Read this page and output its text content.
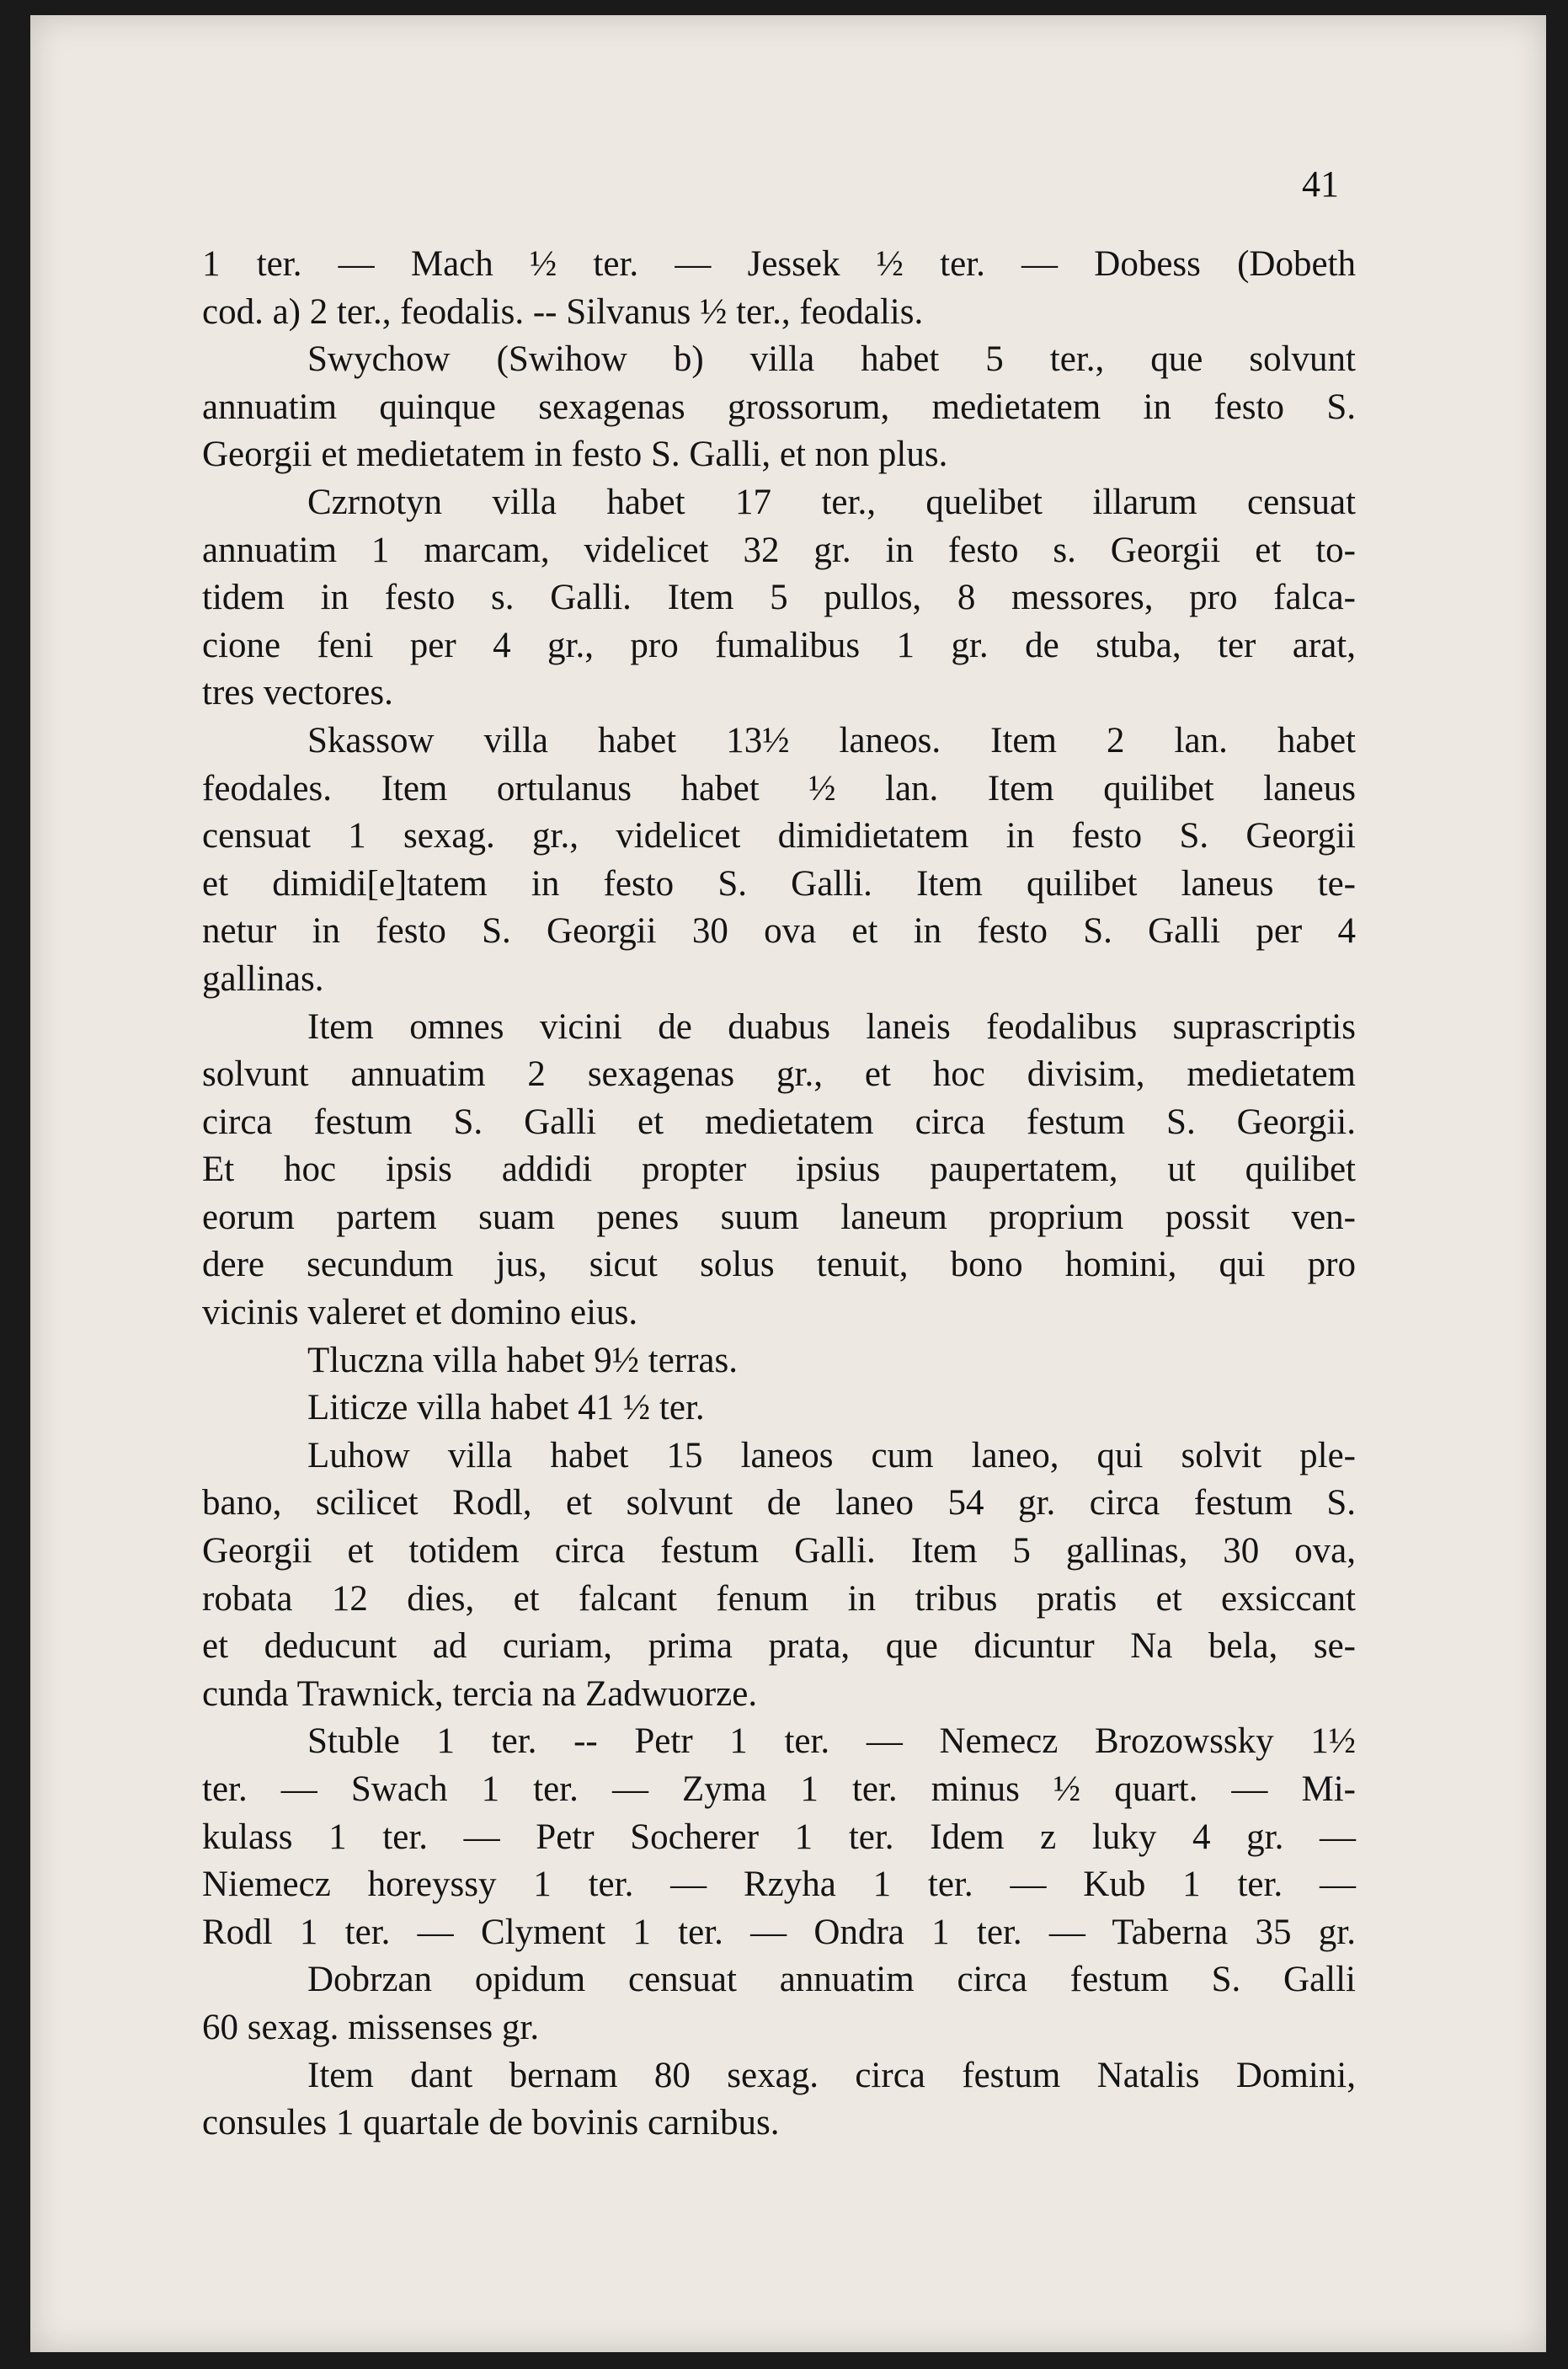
41
1 ter. — Mach ½ ter. — Jessek ½ ter. — Dobess (Dobeth
cod. a) 2 ter., feodalis. -- Silvanus ½ ter., feodalis.
Swychow (Swihow b) villa habet 5 ter., que solvunt
annuatim quinque sexagenas grossorum, medietatem in festo S.
Georgii et medietatem in festo S. Galli, et non plus.
Czrnotyn villa habet 17 ter., quelibet illarum censuat
annuatim 1 marcam, videlicet 32 gr. in festo s. Georgii et to-
tidem in festo s. Galli. Item 5 pullos, 8 messores, pro falca-
cione feni per 4 gr., pro fumalibus 1 gr. de stuba, ter arat,
tres vectores.
Skassow villa habet 13½ laneos. Item 2 lan. habet
feodales. Item ortulanus habet ½ lan. Item quilibet laneus
censuat 1 sexag. gr., videlicet dimidietatem in festo S. Georgii
et dimidi[e]tatem in festo S. Galli. Item quilibet laneus te-
netur in festo S. Georgii 30 ova et in festo S. Galli per 4
gallinas.
Item omnes vicini de duabus laneis feodalibus suprascriptis
solvunt annuatim 2 sexagenas gr., et hoc divisim, medietatem
circa festum S. Galli et medietatem circa festum S. Georgii.
Et hoc ipsis addidi propter ipsius paupertatem, ut quilibet
eorum partem suam penes suum laneum proprium possit ven-
dere secundum jus, sicut solus tenuit, bono homini, qui pro
vicinis valeret et domino eius.
Tluczna villa habet 9½ terras.
Liticze villa habet 41 ½ ter.
Luhow villa habet 15 laneos cum laneo, qui solvit ple-
bano, scilicet Rodl, et solvunt de laneo 54 gr. circa festum S.
Georgii et totidem circa festum Galli. Item 5 gallinas, 30 ova,
robata 12 dies, et falcant fenum in tribus pratis et exsiccant
et deducunt ad curiam, prima prata, que dicuntur Na bela, se-
cunda Trawnick, tercia na Zadwuorze.
Stuble 1 ter. -- Petr 1 ter. — Nemecz Brozowssky 1½
ter. — Swach 1 ter. — Zyma 1 ter. minus ½ quart. — Mi-
kulass 1 ter. — Petr Socherer 1 ter. Idem z luky 4 gr. —
Niemecz horeyssy 1 ter. — Rzyha 1 ter. — Kub 1 ter. —
Rodl 1 ter. — Clyment 1 ter. — Ondra 1 ter. — Taberna 35 gr.
Dobrzan opidum censuat annuatim circa festum S. Galli
60 sexag. missenses gr.
Item dant bernam 80 sexag. circa festum Natalis Domini,
consules 1 quartale de bovinis carnibus.
